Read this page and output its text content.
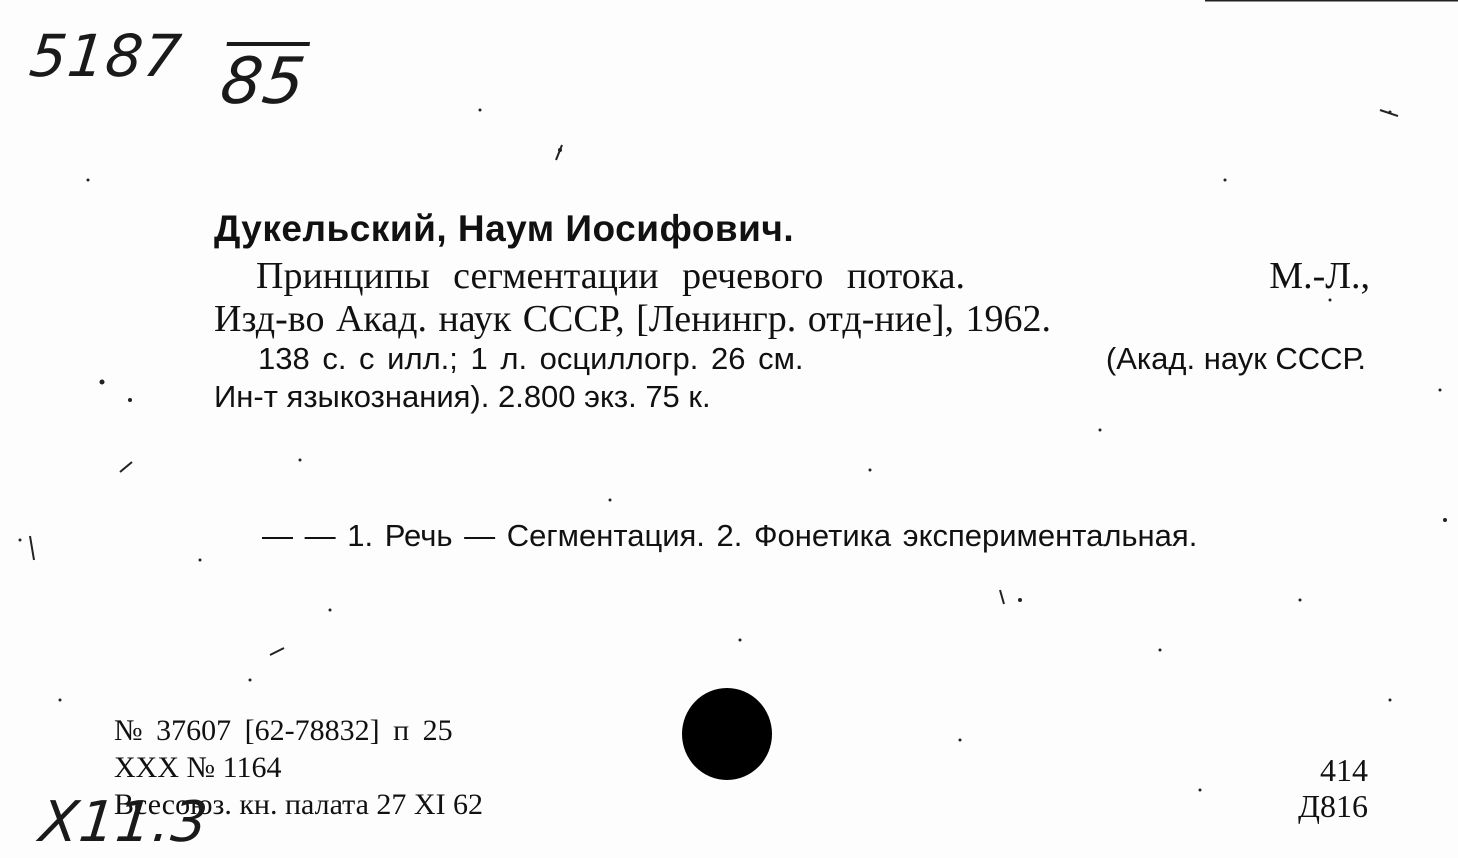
5187 85
Дукельский, Наум Иосифович.
Принципы сегментации речевого потока.	М.-Л.,
Изд-во Акад. наук СССР, [Ленингр. отд-ние], 1962.
138 с. с илл.; 1 л. осциллогр. 26 см.	(Акад. наук СССР.
Ин-т языкознания). 2.800 экз. 75 к.
— — 1. Речь — Сегментация. 2. Фонетика экспериментальная.
№ 37607 [62-78832] п 25
XXX № 1164
Всесоюз. кн. палата 27 XI 62
414
Д816
X11.3
